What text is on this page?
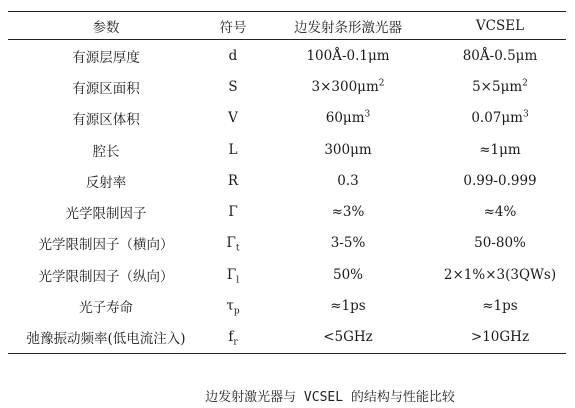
参数	符号	边发射条形激光器	VCSEL
有源层厚度	d	100Å-0.1μm	80Å-0.5μm
有源区面积	S	$3\times 300\mu m^2$	$5\times 5\mu m^2$
有源区体积	V	$60\mu m^3$	$0.07\mu m^3$
腔长	L	300μm	≈1μm
反射率	R	0.3	0.99-0.999
光学限制因子	Γ	≈3%	≈4%
光学限制因子（横向）	$\Gamma_t$	3-5%	50-80%
光学限制因子（纵向）	$\Gamma_l$	50%	2×1%×3(3QWs)
光子寿命	$\tau_p$	≈1ps	≈1ps
弛豫振动频率(低电流注入)	$f_r$	<5GHz	>10GHz
边发射激光器与 VCSEL 的结构与性能比较
